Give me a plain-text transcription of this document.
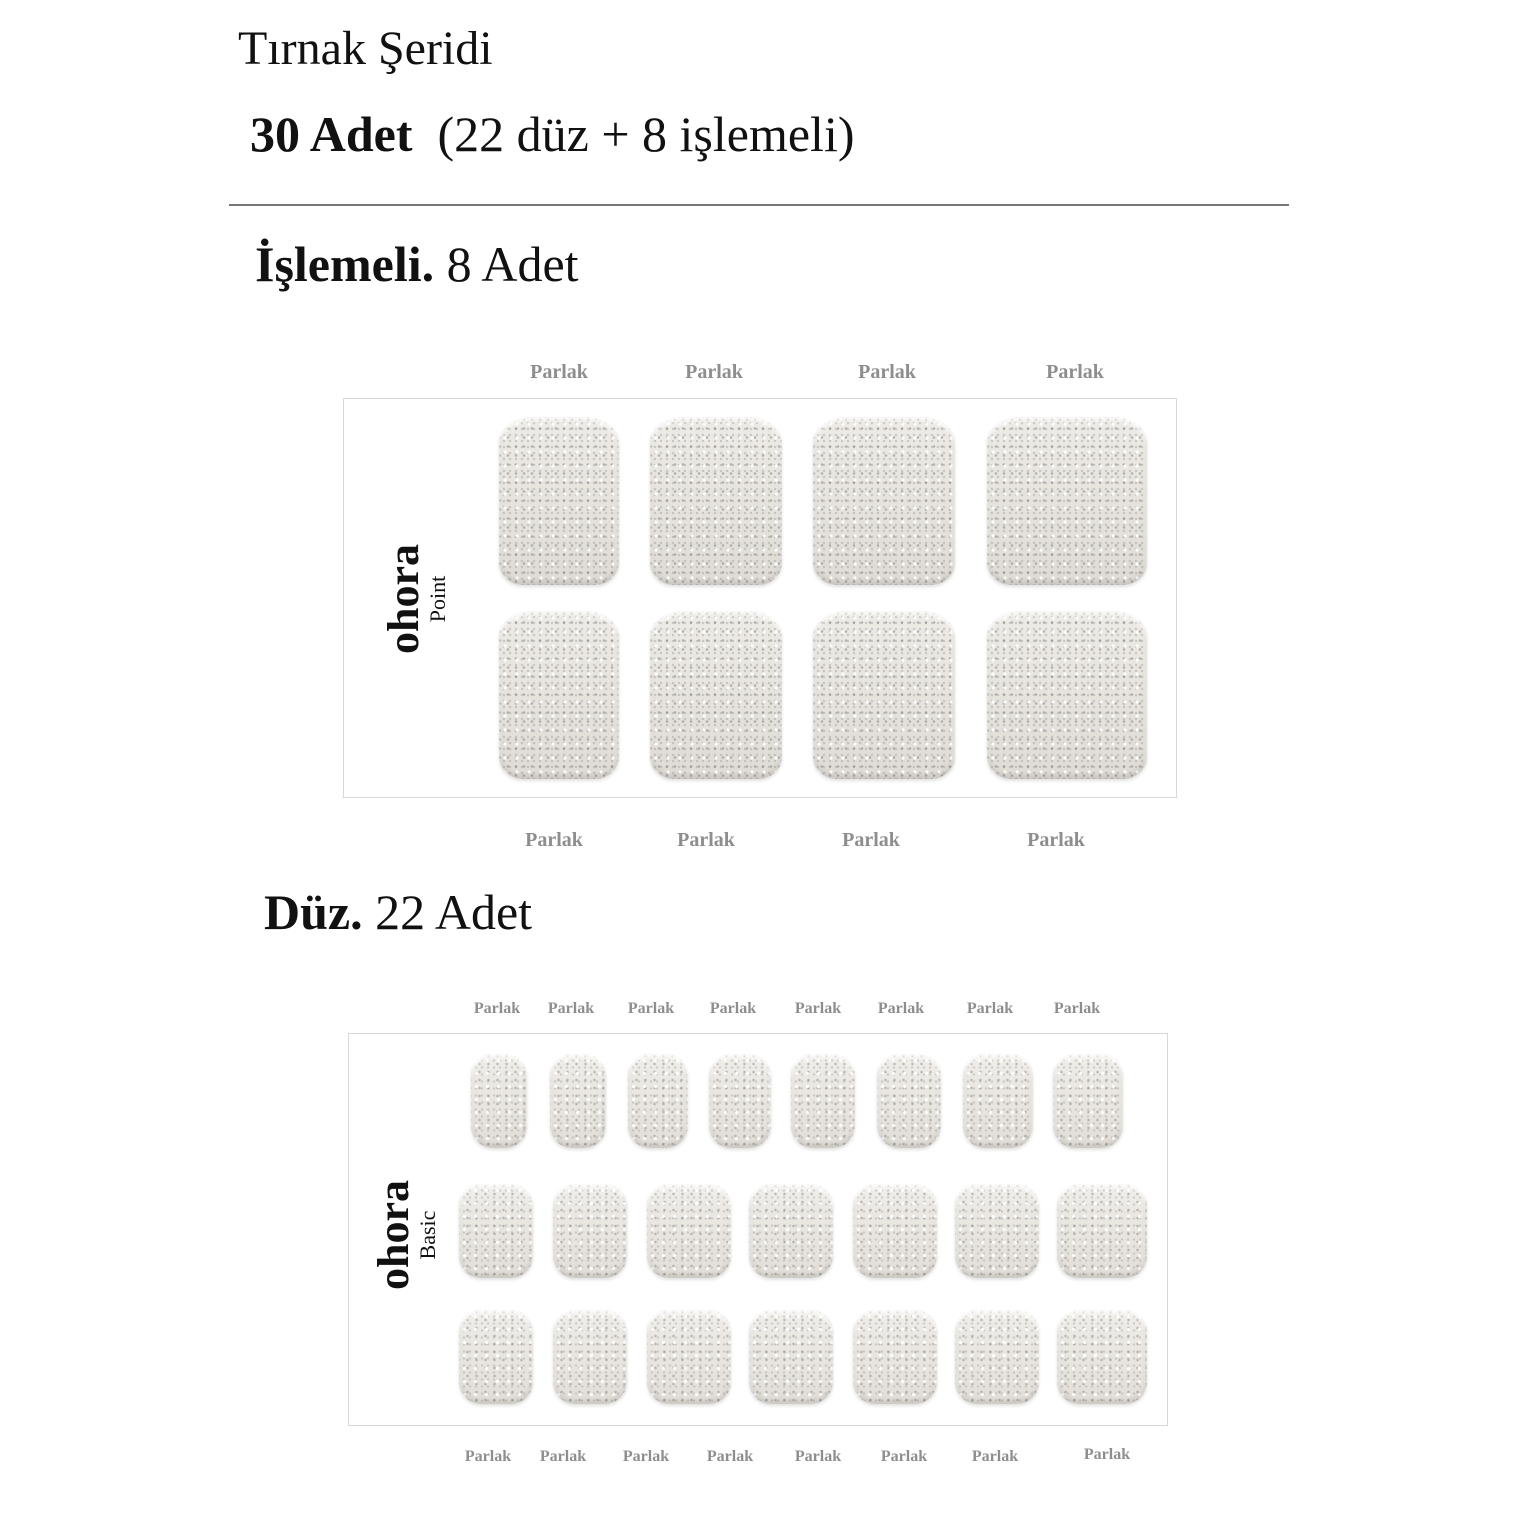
Tırnak Şeridi
30 Adet (22 düz + 8 işlemeli)
İşlemeli. 8 Adet
Parlak	Parlak	Parlak	Parlak
ohora
Point
Parlak	Parlak	Parlak	Parlak
Düz. 22 Adet
Parlak Parlak Parlak Parlak Parlak Parlak	Parlak	Parlak
ohora
Basic
Parlak Parlak Parlak Parlak	Parlak Parlak	Parlak	Parlak
